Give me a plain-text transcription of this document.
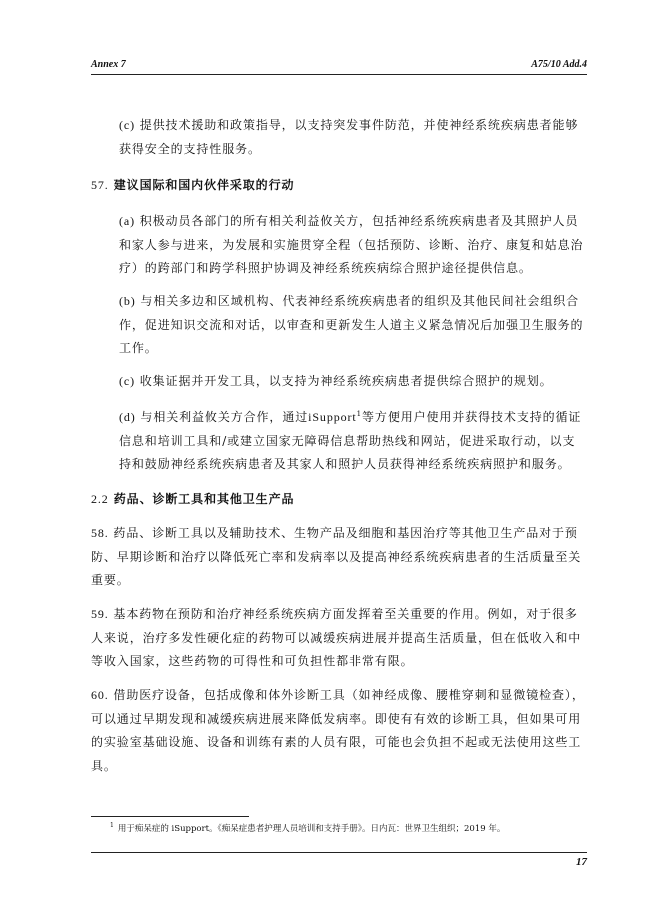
Annex 7	A75/10 Add.4
(c) 提供技术援助和政策指导，以支持突发事件防范，并使神经系统疾病患者能够获得安全的支持性服务。
57. 建议国际和国内伙伴采取的行动
(a) 积极动员各部门的所有相关利益攸关方，包括神经系统疾病患者及其照护人员和家人参与进来，为发展和实施贯穿全程（包括预防、诊断、治疗、康复和姑息治疗）的跨部门和跨学科照护协调及神经系统疾病综合照护途径提供信息。
(b) 与相关多边和区域机构、代表神经系统疾病患者的组织及其他民间社会组织合作，促进知识交流和对话，以审查和更新发生人道主义紧急情况后加强卫生服务的工作。
(c) 收集证据并开发工具，以支持为神经系统疾病患者提供综合照护的规划。
(d) 与相关利益攸关方合作，通过iSupport$^1$等方便用户使用并获得技术支持的循证信息和培训工具和/或建立国家无障碍信息帮助热线和网站，促进采取行动，以支持和鼓励神经系统疾病患者及其家人和照护人员获得神经系统疾病照护和服务。
2.2 药品、诊断工具和其他卫生产品
58. 药品、诊断工具以及辅助技术、生物产品及细胞和基因治疗等其他卫生产品对于预防、早期诊断和治疗以降低死亡率和发病率以及提高神经系统疾病患者的生活质量至关重要。
59. 基本药物在预防和治疗神经系统疾病方面发挥着至关重要的作用。例如，对于很多人来说，治疗多发性硬化症的药物可以减缓疾病进展并提高生活质量，但在低收入和中等收入国家，这些药物的可得性和可负担性都非常有限。
60. 借助医疗设备，包括成像和体外诊断工具（如神经成像、腰椎穿刺和显微镜检查），可以通过早期发现和减缓疾病进展来降低发病率。即使有有效的诊断工具，但如果可用的实验室基础设施、设备和训练有素的人员有限，可能也会负担不起或无法使用这些工具。
$^1$ 用于痴呆症的 iSupport。《痴呆症患者护理人员培训和支持手册》。日内瓦：世界卫生组织；2019 年。
17
